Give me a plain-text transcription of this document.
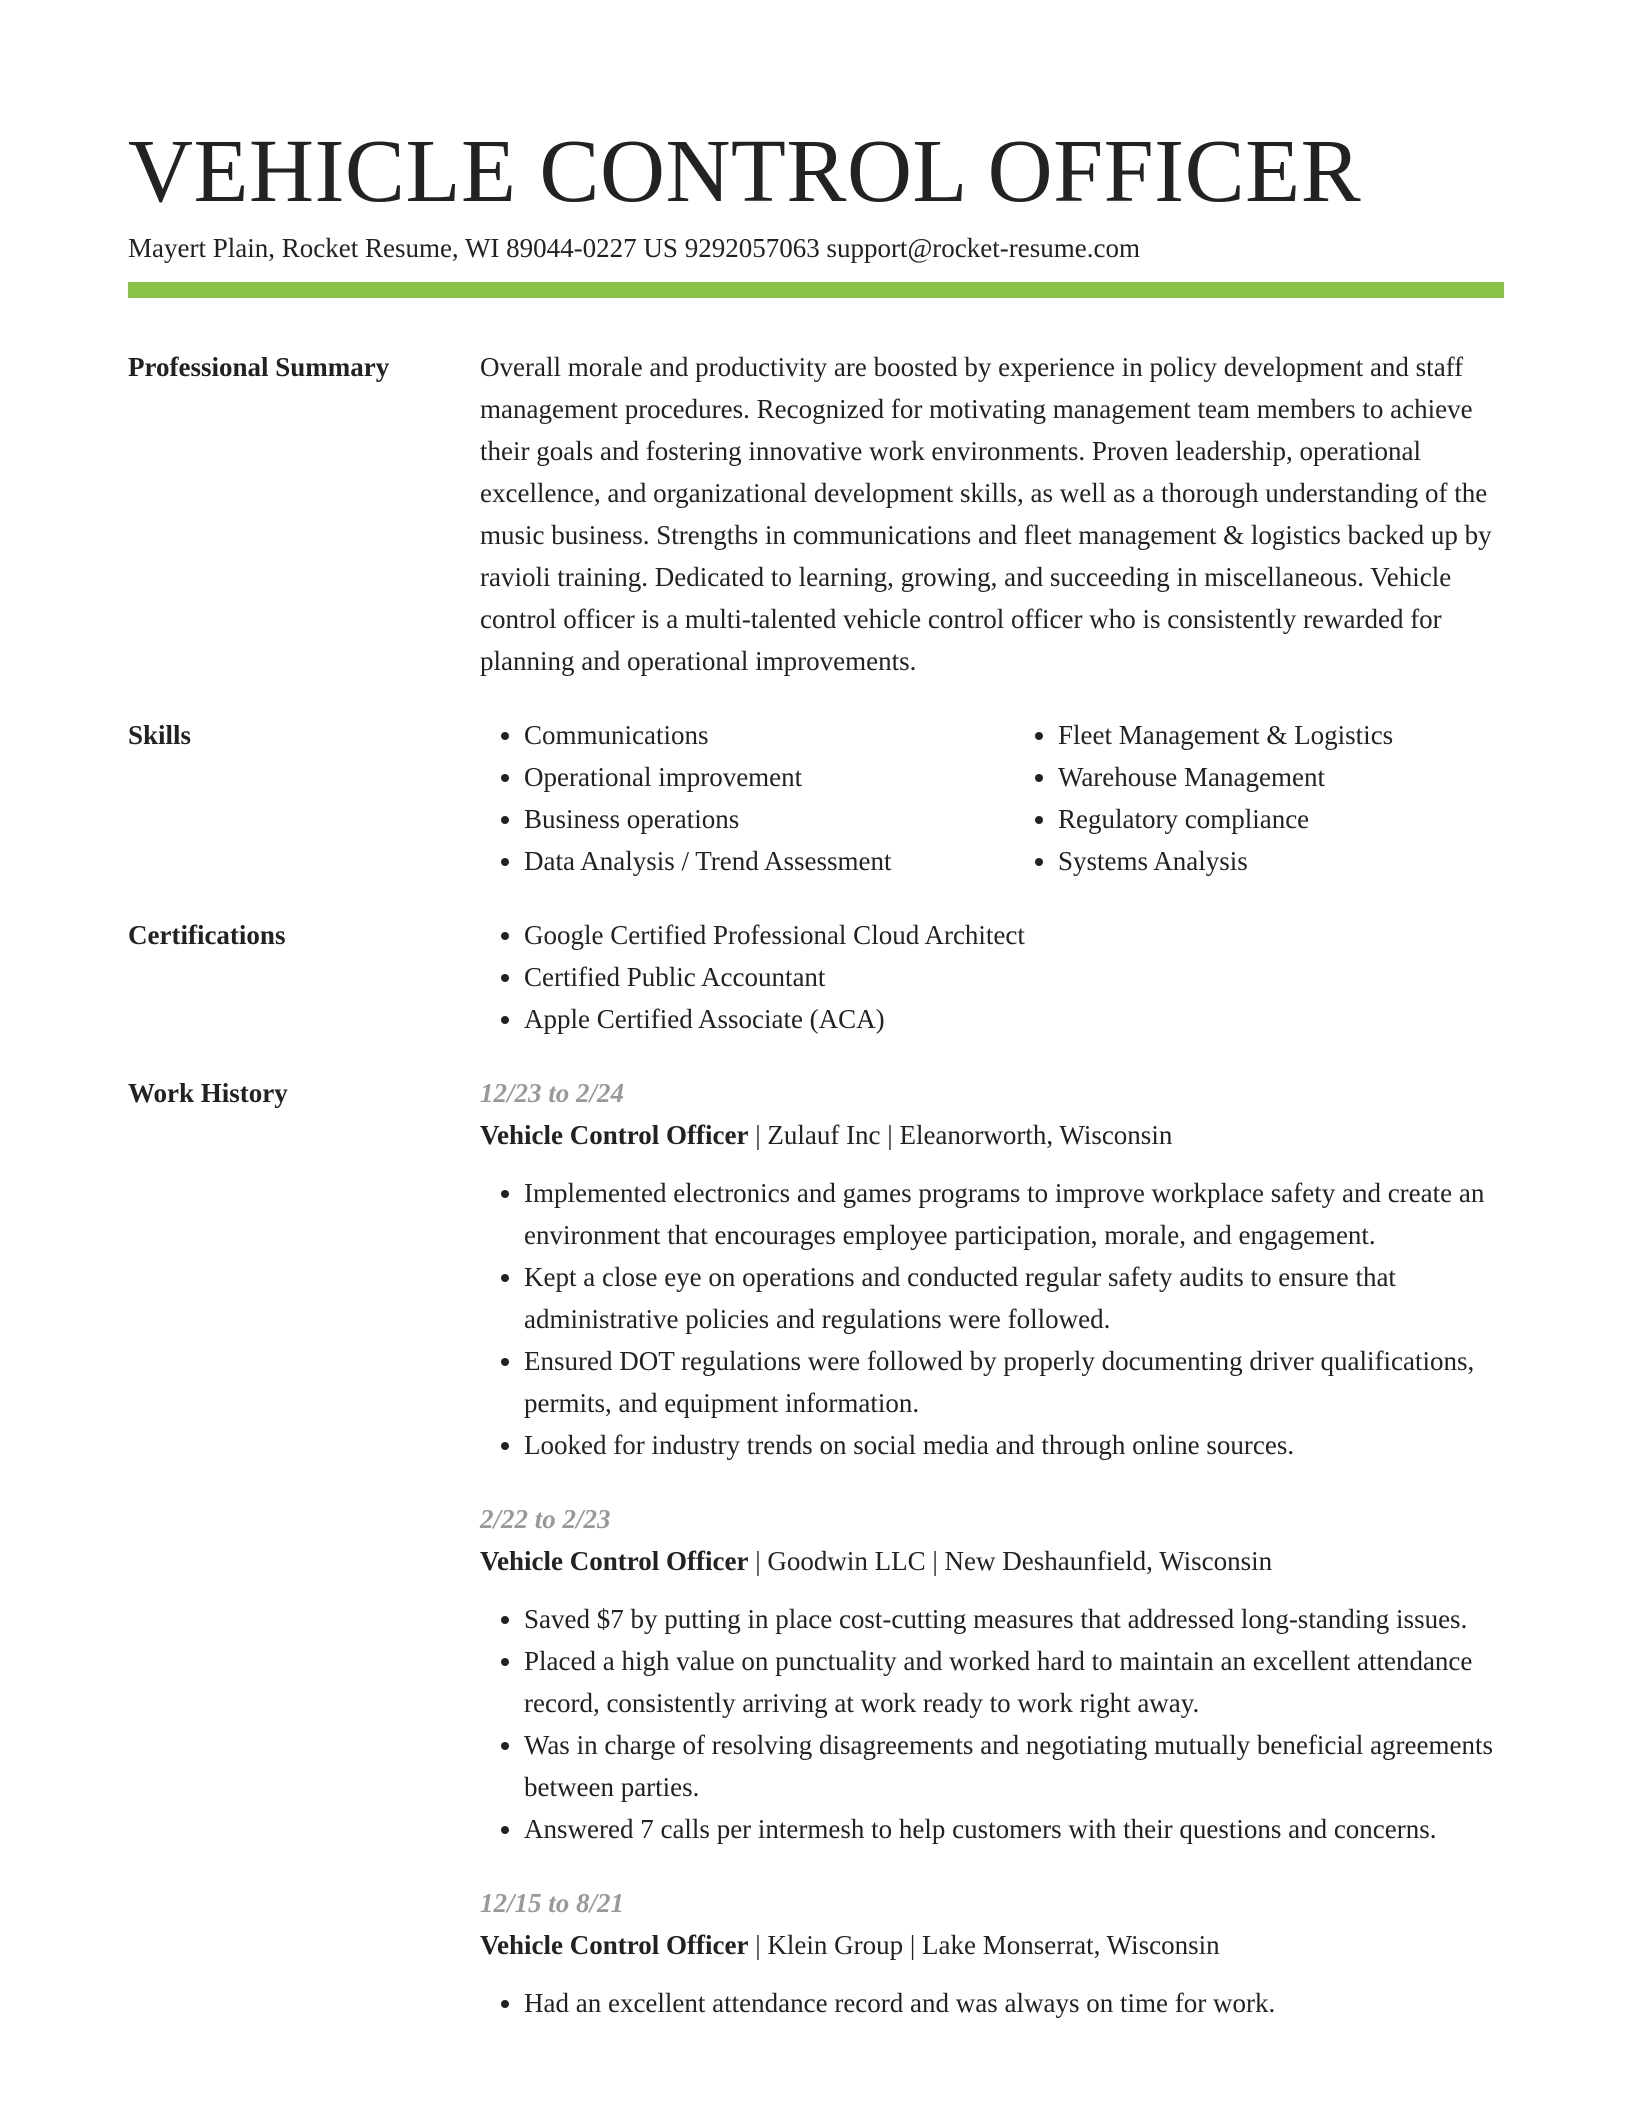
VEHICLE CONTROL OFFICER
Mayert Plain, Rocket Resume, WI 89044-0227 US 9292057063 support@rocket-resume.com
Professional Summary	Overall morale and productivity are boosted by experience in policy development and staff management procedures. Recognized for motivating management team members to achieve their goals and fostering innovative work environments. Proven leadership, operational excellence, and organizational development skills, as well as a thorough understanding of the music business. Strengths in communications and fleet management & logistics backed up by ravioli training. Dedicated to learning, growing, and succeeding in miscellaneous. Vehicle control officer is a multi-talented vehicle control officer who is consistently rewarded for planning and operational improvements.
Skills	• Communications
• Operational improvement
• Business operations
• Data Analysis / Trend Assessment
• Fleet Management & Logistics
• Warehouse Management
• Regulatory compliance
• Systems Analysis
Certifications	• Google Certified Professional Cloud Architect
• Certified Public Accountant
• Apple Certified Associate (ACA)
Work History	12/23 to 2/24
Vehicle Control Officer | Zulauf Inc | Eleanorworth, Wisconsin
• Implemented electronics and games programs to improve workplace safety and create an environment that encourages employee participation, morale, and engagement.
• Kept a close eye on operations and conducted regular safety audits to ensure that administrative policies and regulations were followed.
• Ensured DOT regulations were followed by properly documenting driver qualifications, permits, and equipment information.
• Looked for industry trends on social media and through online sources.
2/22 to 2/23
Vehicle Control Officer | Goodwin LLC | New Deshaunfield, Wisconsin
• Saved $7 by putting in place cost-cutting measures that addressed long-standing issues.
• Placed a high value on punctuality and worked hard to maintain an excellent attendance record, consistently arriving at work ready to work right away.
• Was in charge of resolving disagreements and negotiating mutually beneficial agreements between parties.
• Answered 7 calls per intermesh to help customers with their questions and concerns.
12/15 to 8/21
Vehicle Control Officer | Klein Group | Lake Monserrat, Wisconsin
• Had an excellent attendance record and was always on time for work.
